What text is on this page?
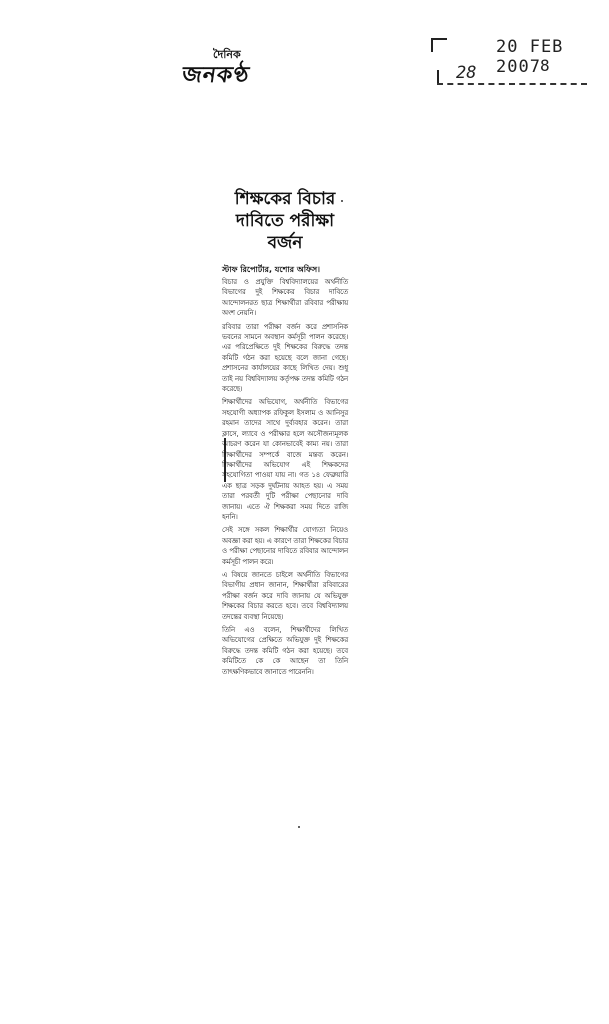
দৈনিক
জনকণ্ঠ
20 FEB 2007
28	8
শিক্ষকের বিচার দাবিতে পরীক্ষা বর্জন
স্টাফ রিপোর্টার, যশোর অফিস।

বিচার ও প্রযুক্তি বিশ্ববিদ্যালয়ের অর্থনীতি বিভাগের দুই শিক্ষকের বিচার দাবিতে আন্দোলনরত ছাত্র শিক্ষার্থীরা রবিবার পরীক্ষায় অংশ নেয়নি।

রবিবার তারা পরীক্ষা বর্জন করে প্রশাসনিক ভবনের সামনে অবস্থান কর্মসূচী পালন করেছে। এর পরিপ্রেক্ষিতে দুই শিক্ষকের বিরুদ্ধে তদন্ত কমিটি গঠন করা হয়েছে বলে জানা গেছে। প্রশাসনের কার্যালয়ের কাছে লিখিত দেয়। শুধু তাই নয় বিশ্ববিদ্যালয় কর্তৃপক্ষ তদন্ত কমিটি গঠন করেছে।

শিক্ষার্থীদের অভিযোগ, অর্থনীতি বিভাগের সহযোগী অধ্যাপক রফিকুল ইসলাম ও আনিসুর রহমান তাদের সাথে দুর্ব্যবহার করেন। তারা ক্লাসে, ল্যাবে ও পরীক্ষার হলে অসৌজন্যমূলক আচরণ করেন যা কোনভাবেই কাম্য নয়। তারা শিক্ষার্থীদের সম্পর্কে বাজে মন্তব্য করেন। শিক্ষার্থীদের অভিযোগ এই শিক্ষকদের সহযোগিতা পাওয়া যায় না। গত ১৪ ফেব্রুয়ারি এক ছাত্র সড়ক দুর্ঘটনায় আহত হয়। এ সময় তারা পরবর্তী দুটি পরীক্ষা পেছানোর দাবি জানায়। এতে ঐ শিক্ষকরা সময় দিতে রাজি হননি।

সেই সঙ্গে সকল শিক্ষার্থীর যোগ্যতা নিয়েও অবজ্ঞা করা হয়। এ কারণে তারা শিক্ষকের বিচার ও পরীক্ষা পেছানোর দাবিতে রবিবার আন্দোলন কর্মসূচী পালন করে।

এ বিষয়ে জানতে চাইলে অর্থনীতি বিভাগের বিভাগীয় প্রধান জানান, শিক্ষার্থীরা রবিবারের পরীক্ষা বর্জন করে দাবি জানায় যে অভিযুক্ত শিক্ষকের বিচার করতে হবে। তবে বিশ্ববিদ্যালয় তদন্তের ব্যবস্থা নিয়েছে।

তিনি এও বলেন, শিক্ষার্থীদের লিখিত অভিযোগের প্রেক্ষিতে অভিযুক্ত দুই শিক্ষকের বিরুদ্ধে তদন্ত কমিটি গঠন করা হয়েছে। তবে কমিটিতে কে কে আছেন তা তিনি তাৎক্ষণিকভাবে জানাতে পারেননি।
